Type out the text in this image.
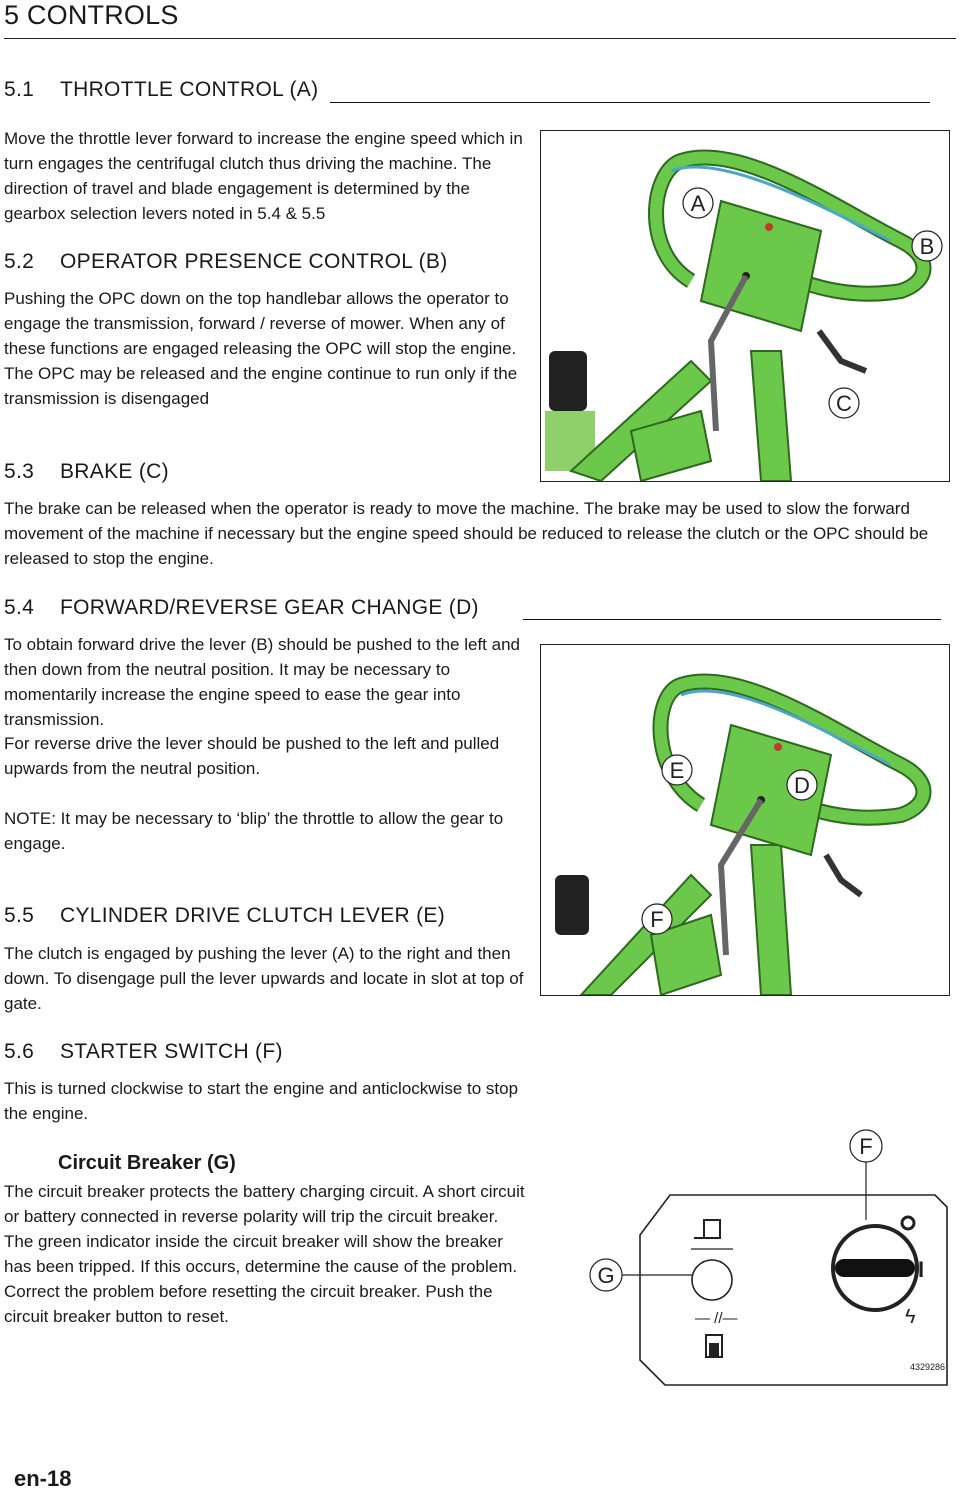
5 CONTROLS
5.1 THROTTLE CONTROL (A)
Move the throttle lever forward to increase the engine speed which in turn engages the centrifugal clutch thus driving the machine. The direction of travel and blade engagement is determined by the gearbox selection levers noted in 5.4 & 5.5
5.2 OPERATOR PRESENCE CONTROL (B)
Pushing the OPC down on the top handlebar allows the operator to engage the transmission, forward / reverse of mower. When any of these functions are engaged releasing the OPC will stop the engine. The OPC may be released and the engine continue to run only if the transmission is disengaged
A
B
C
5.3 BRAKE (C)
The brake can be released when the operator is ready to move the machine. The brake may be used to slow the forward movement of the machine if necessary but the engine speed should be reduced to release the clutch or the OPC should be released to stop the engine.
5.4 FORWARD/REVERSE GEAR CHANGE (D)
To obtain forward drive the lever (B) should be pushed to the left and then down from the neutral position. It may be necessary to momentarily increase the engine speed to ease the gear into transmission.
For reverse drive the lever should be pushed to the left and pulled upwards from the neutral position.
NOTE: It may be necessary to ‘blip’ the throttle to allow the gear to engage.
E
D
F
5.5 CYLINDER DRIVE CLUTCH LEVER (E)
The clutch is engaged by pushing the lever (A) to the right and then down. To disengage pull the lever upwards and locate in slot at top of gate.
5.6 STARTER SWITCH (F)
This is turned clockwise to start the engine and anticlockwise to stop the engine.
Circuit Breaker (G)
The circuit breaker protects the battery charging circuit. A short circuit or battery connected in reverse polarity will trip the circuit breaker. The green indicator inside the circuit breaker will show the breaker has been tripped. If this occurs, determine the cause of the problem. Correct the problem before resetting the circuit breaker. Push the circuit breaker button to reset.
F
G
— //—
I
ϟ
4329286
en-18
